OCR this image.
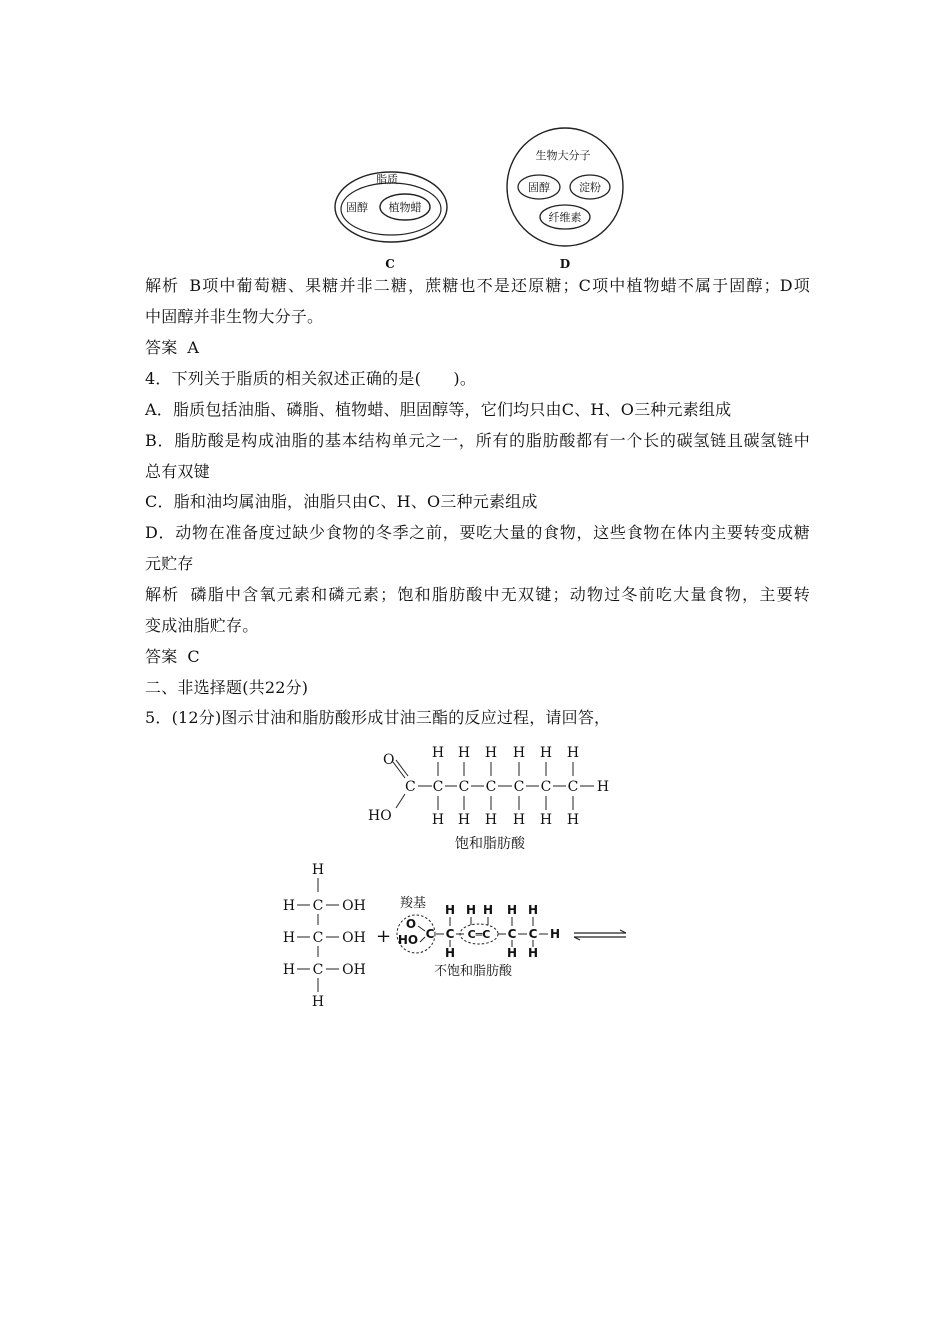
脂质
固醇 植物蜡
C
生物大分子
固醇	淀粉
纤维素
D
解析 B项中葡萄糖、果糖并非二糖，蔗糖也不是还原糖；C项中植物蜡不属于固醇；D项
中固醇并非生物大分子。
答案 A
4．下列关于脂质的相关叙述正确的是(　　)。
A．脂质包括油脂、磷脂、植物蜡、胆固醇等，它们均只由C、H、O三种元素组成
B．脂肪酸是构成油脂的基本结构单元之一，所有的脂肪酸都有一个长的碳氢链且碳氢链中
总有双键
C．脂和油均属油脂，油脂只由C、H、O三种元素组成
D．动物在准备度过缺少食物的冬季之前，要吃大量的食物，这些食物在体内主要转变成糖
元贮存
解析 磷脂中含氧元素和磷元素；饱和脂肪酸中无双键；动物过冬前吃大量食物，主要转
变成油脂贮存。
答案 C
二、非选择题(共22分)
5．(12分)图示甘油和脂肪酸形成甘油三酯的反应过程，请回答，
O
HO
C C
H
H
C
H
H
C
H
H
C
H
H
C
H
H
C
H
H
H
饱和脂肪酸
H
H C OH
H C OH
H C OH
H
+
羧基
O
HO C C
H
H
C═C
H H
C
H
H
C
H
H
H
不饱和脂肪酸
